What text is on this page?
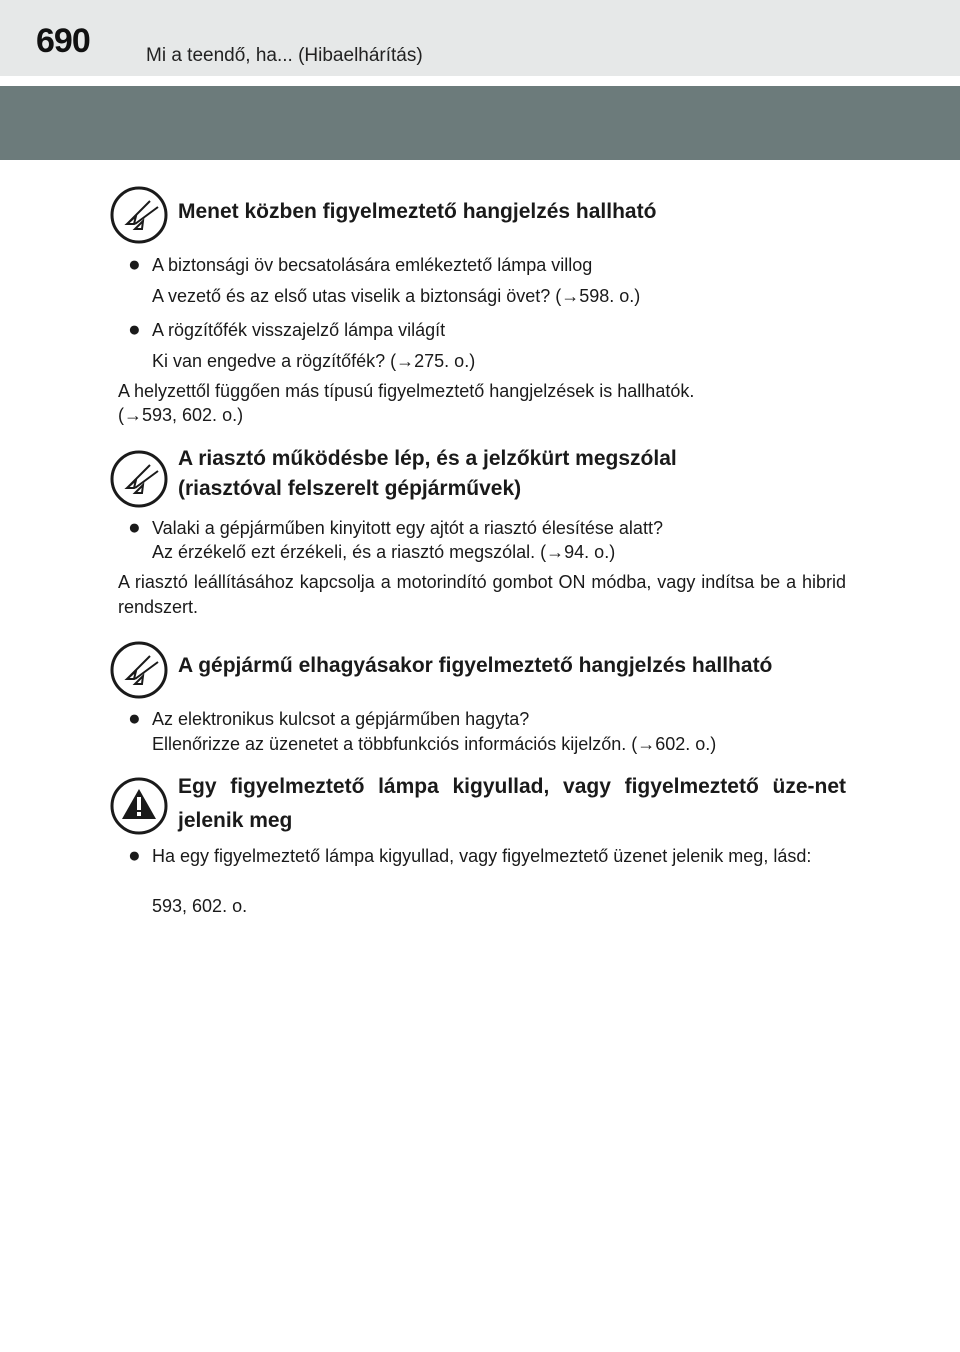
690	Mi a teendő, ha... (Hibaelhárítás)
Menet közben figyelmeztető hangjelzés hallható
● A biztonsági öv becsatolására emlékeztető lámpa villog
A vezető és az első utas viselik a biztonsági övet? (→598. o.)
● A rögzítőfék visszajelző lámpa világít
Ki van engedve a rögzítőfék? (→275. o.)
A helyzettől függően más típusú figyelmeztető hangjelzések is hallhatók.
(→593, 602. o.)
A riasztó működésbe lép, és a jelzőkürt megszólal
(riasztóval felszerelt gépjárművek)
● Valaki a gépjárműben kinyitott egy ajtót a riasztó élesítése alatt?
Az érzékelő ezt érzékeli, és a riasztó megszólal. (→94. o.)
A riasztó leállításához kapcsolja a motorindító gombot ON módba, vagy indítsa be a hibrid rendszert.
A gépjármű elhagyásakor figyelmeztető hangjelzés hallható
● Az elektronikus kulcsot a gépjárműben hagyta?
Ellenőrizze az üzenetet a többfunkciós információs kijelzőn. (→602. o.)
Egy figyelmeztető lámpa kigyullad, vagy figyelmeztető üze-net jelenik meg
● Ha egy figyelmeztető lámpa kigyullad, vagy figyelmeztető üzenet jelenik meg, lásd:
593, 602. o.
